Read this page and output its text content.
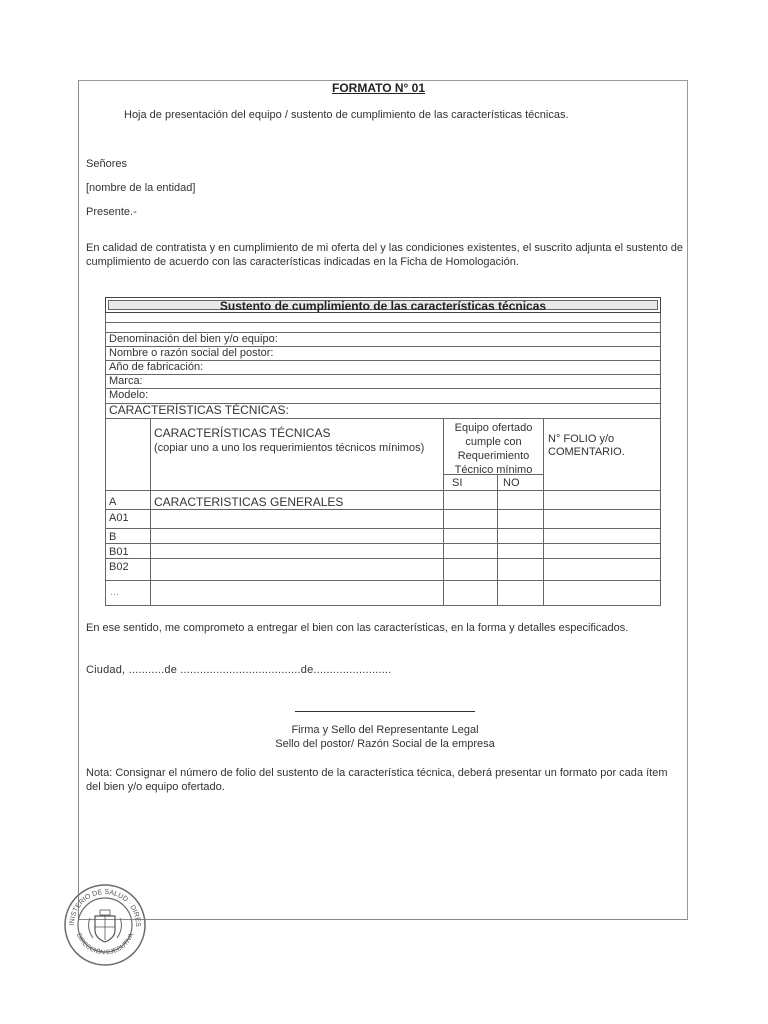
FORMATO N° 01
Hoja de presentación del equipo / sustento de cumplimiento de las características técnicas.
Señores
[nombre de la entidad]
Presente.-
En calidad de contratista y en cumplimiento de mi oferta del y las condiciones existentes, el suscrito adjunta el sustento de cumplimiento de acuerdo con las características indicadas en la Ficha de Homologación.
Sustento de cumplimiento de las características técnicas
Denominación del bien y/o equipo:
Nombre o razón social del postor:
Año de fabricación:
Marca:
Modelo:
CARACTERÍSTICAS TÉCNICAS:
CARACTERÍSTICAS TÉCNICAS
(copiar uno a uno los requerimientos técnicos mínimos)
Equipo ofertado cumple con Requerimiento Técnico mínimo
SI	NO
N° FOLIO y/o COMENTARIO.
A	CARACTERISTICAS GENERALES
A01
B
B01
B02
...
En ese sentido, me comprometo a entregar el bien con las características, en la forma y detalles especificados.
Ciudad, ...........de .....................................de........................
Firma y Sello del Representante Legal
Sello del postor/ Razón Social de la empresa
Nota: Consignar el número de folio del sustento de la característica técnica, deberá presentar un formato por cada ítem del bien y/o equipo ofertado.
INISTERIO DE SALUD · DIRES
DIRECCIÓN EJECUTIVA
